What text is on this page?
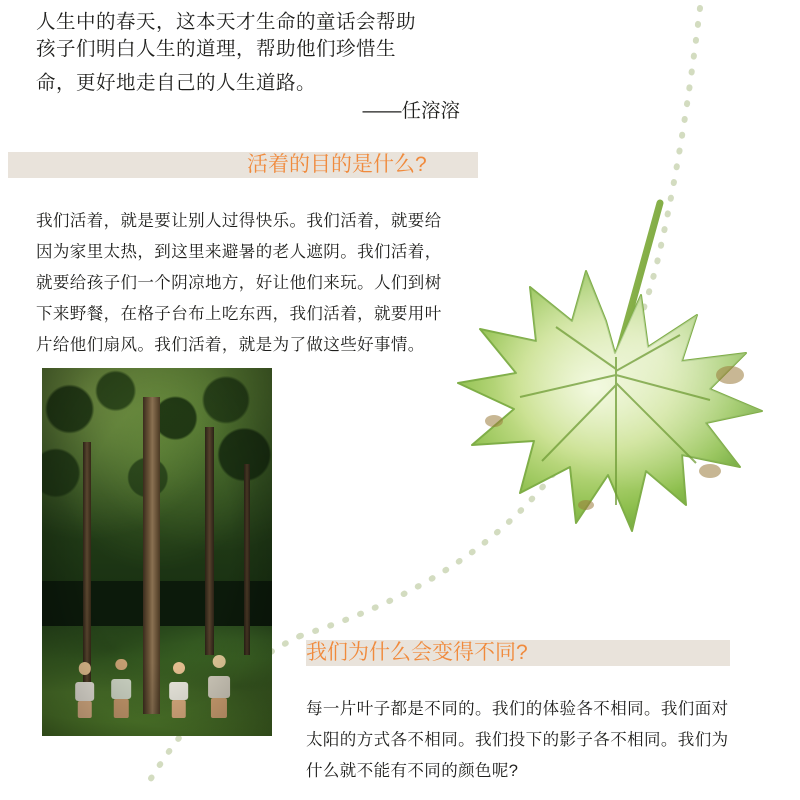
人生中的春天，这本天才生命的童话会帮助
孩子们明白人生的道理，帮助他们珍惜生
命，更好地走自己的人生道路。
——任溶溶
活着的目的是什么?
我们活着，就是要让别人过得快乐。我们活着，就要给
因为家里太热，到这里来避暑的老人遮阴。我们活着，
就要给孩子们一个阴凉地方，好让他们来玩。人们到树
下来野餐，在格子台布上吃东西，我们活着，就要用叶
片给他们扇风。我们活着，就是为了做这些好事情。
我们为什么会变得不同?
每一片叶子都是不同的。我们的体验各不相同。我们面对
太阳的方式各不相同。我们投下的影子各不相同。我们为
什么就不能有不同的颜色呢?
